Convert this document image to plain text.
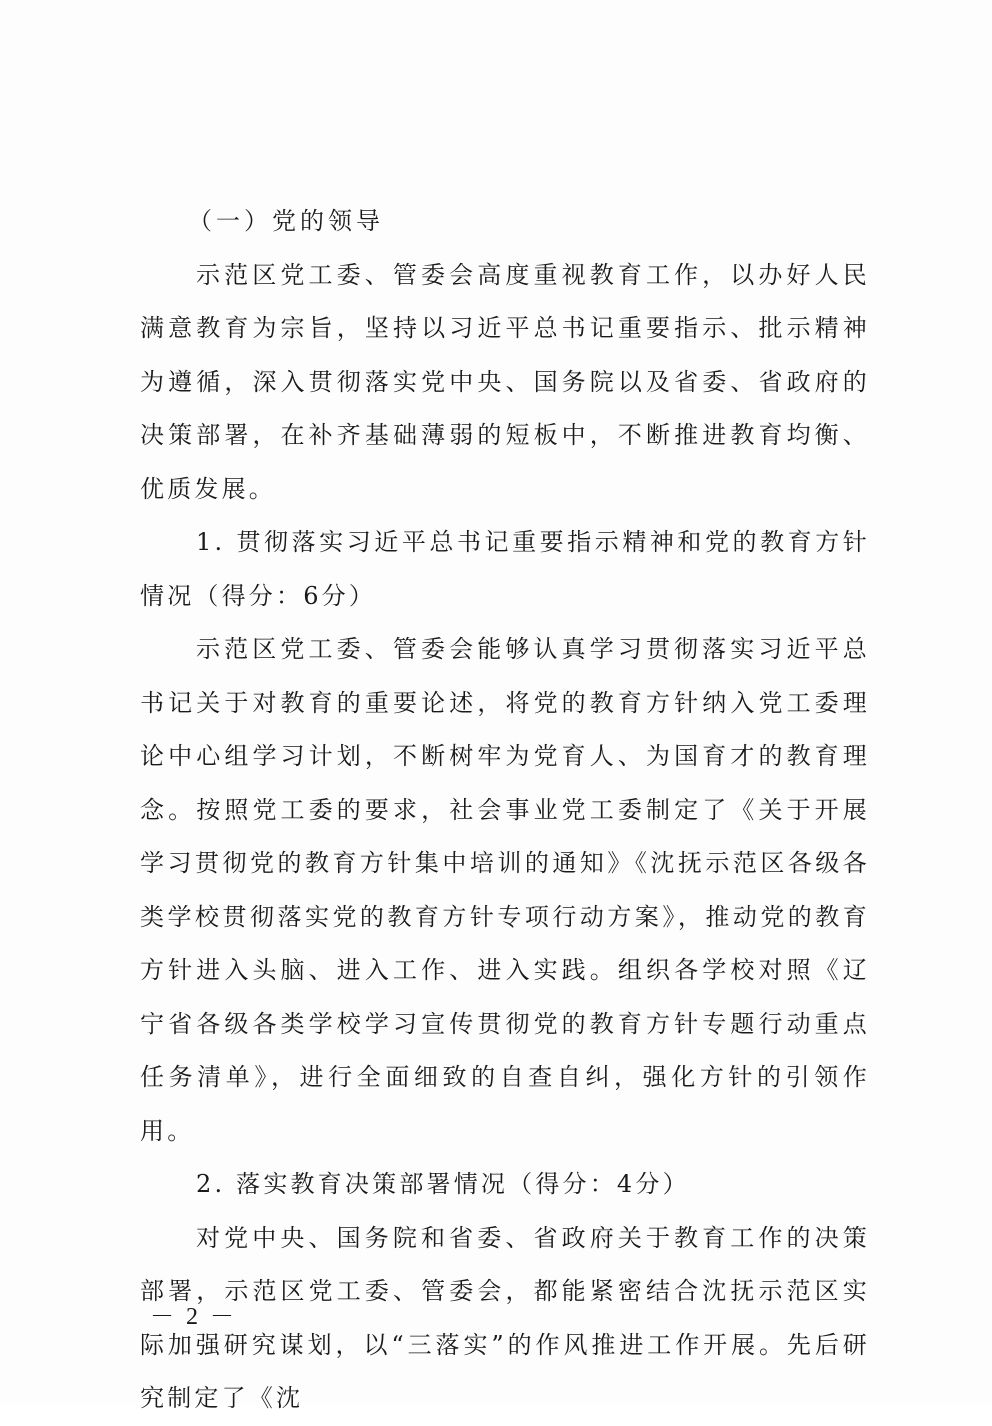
（一）党的领导

示范区党工委、管委会高度重视教育工作，以办好人民满意教育为宗旨，坚持以习近平总书记重要指示、批示精神为遵循，深入贯彻落实党中央、国务院以及省委、省政府的决策部署，在补齐基础薄弱的短板中，不断推进教育均衡、优质发展。

1. 贯彻落实习近平总书记重要指示精神和党的教育方针情况（得分：6分）

示范区党工委、管委会能够认真学习贯彻落实习近平总书记关于对教育的重要论述，将党的教育方针纳入党工委理论中心组学习计划，不断树牢为党育人、为国育才的教育理念。按照党工委的要求，社会事业党工委制定了《关于开展学习贯彻党的教育方针集中培训的通知》《沈抚示范区各级各类学校贯彻落实党的教育方针专项行动方案》，推动党的教育方针进入头脑、进入工作、进入实践。组织各学校对照《辽宁省各级各类学校学习宣传贯彻党的教育方针专题行动重点任务清单》，进行全面细致的自查自纠，强化方针的引领作用。

2. 落实教育决策部署情况（得分：4分）

对党中央、国务院和省委、省政府关于教育工作的决策部署，示范区党工委、管委会，都能紧密结合沈抚示范区实际加强研究谋划，以“三落实”的作风推进工作开展。先后研究制定了《沈

－ 2 －
